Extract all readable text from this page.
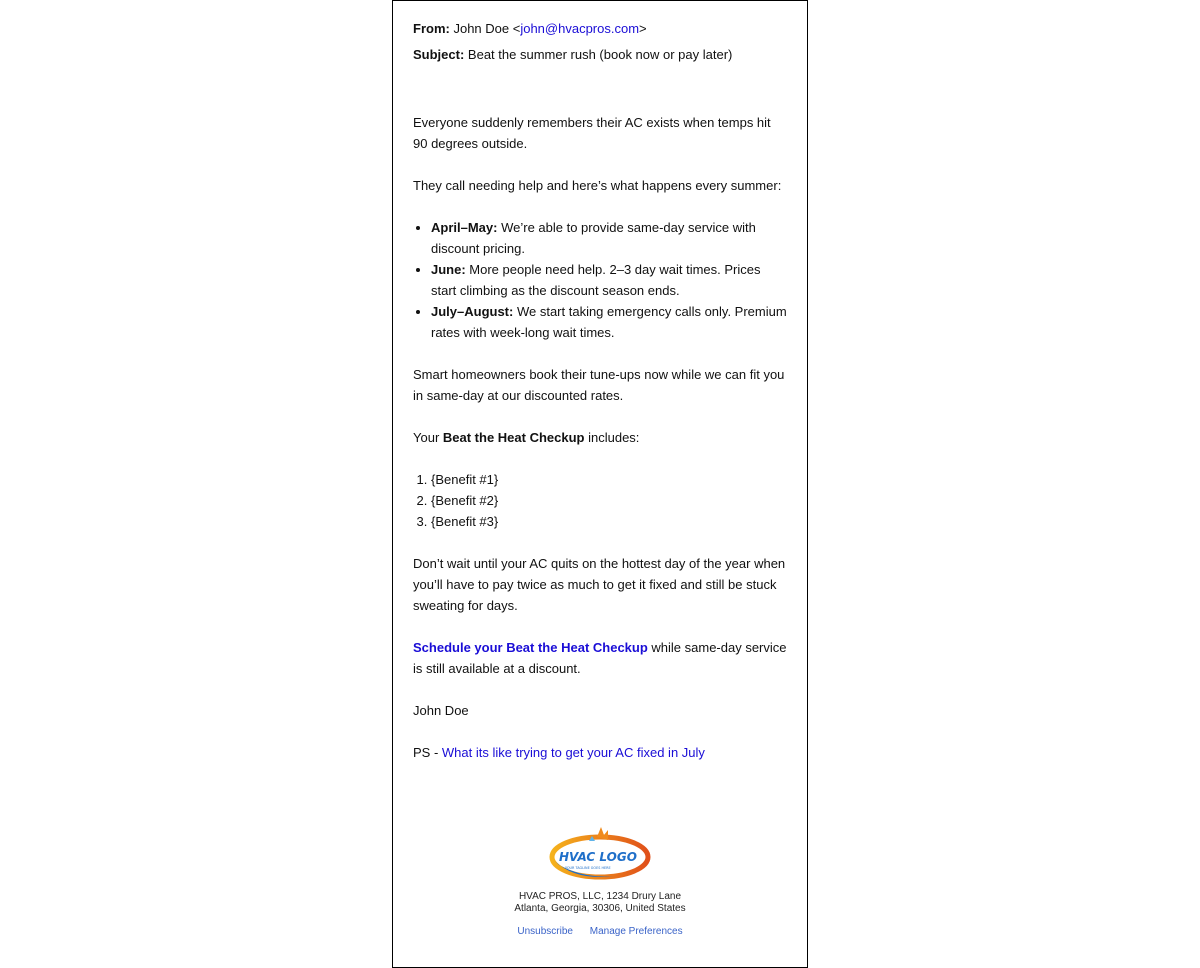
From: John Doe <john@hvacpros.com>

Subject: Beat the summer rush (book now or pay later)

Everyone suddenly remembers their AC exists when temps hit 90 degrees outside.

They call needing help and here’s what happens every summer:

• April–May: We’re able to provide same-day service with discount pricing.
• June: More people need help. 2–3 day wait times. Prices start climbing as the discount season ends.
• July–August: We start taking emergency calls only. Premium rates with week-long wait times.

Smart homeowners book their tune-ups now while we can fit you in same-day at our discounted rates.

Your Beat the Heat Checkup includes:

1. {Benefit #1}
2. {Benefit #2}
3. {Benefit #3}

Don’t wait until your AC quits on the hottest day of the year when you’ll have to pay twice as much to get it fixed and still be stuck sweating for days.

Schedule your Beat the Heat Checkup while same-day service is still available at a discount.

John Doe

PS - What its like trying to get your AC fixed in July

HVAC LOGO
YOUR TAGLINE GOES HERE
HVAC PROS, LLC, 1234 Drury Lane
Atlanta, Georgia, 30306, United States
Unsubscribe Manage Preferences
